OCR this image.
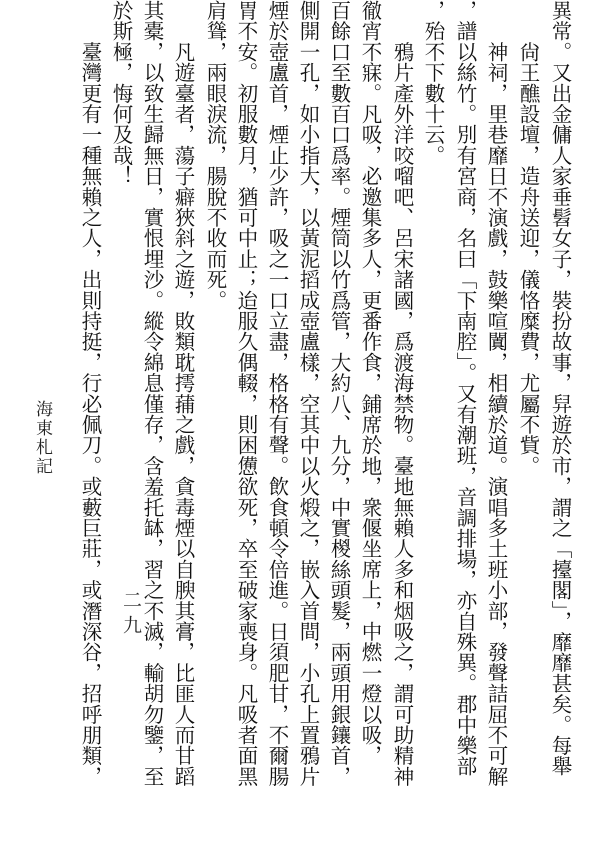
異常。又出金傭人家垂髫女子，裝扮故事，舁遊於市，謂之「擡閣」，靡靡甚矣。每舉
　　尙王醮設壇，造舟送迎，儀恪糜費，尤屬不貲。
　　神祠，里巷靡日不演戲，鼓樂喧闐，相續於道。演唱多土班小部，發聲詰屈不可解
，譜以絲竹。別有宮商，名曰「下南腔」。又有潮班，音調排場，亦自殊異。郡中樂部
，殆不下數十云。
　　鴉片產外洋咬𠺕吧、呂宋諸國，爲渡海禁物。臺地無賴人多和烟吸之，謂可助精神
徹宵不寐。凡吸，必邀集多人，更番作食，鋪席於地，衆偃坐席上，中燃一燈以吸，
百餘口至數百口爲率。煙筒以竹爲管，大約八、九分，中實椶絲頭髮，兩頭用銀鑲首，
側開一孔，如小指大，以黃泥搯成壺盧樣，空其中以火煅之，嵌入首間，小孔上置鴉片
煙於壺盧首，煙止少許，吸之一口立盡，格格有聲。飲食頓令倍進。日須肥甘，不爾腸
胃不安。初服數月，猶可中止；迨服久偶輟，則困憊欲死，卒至破家喪身。凡吸者面黑
肩聳，兩眼淚流，腸脫不收而死。
　　凡遊臺者，蕩子癖狹斜之遊，敗類耽摴蒱之戲，貪毒煙以自腴其膏，比匪人而甘蹈
其橐，以致生歸無日，實恨埋沙。縱令綿息僅存，含羞托缽，習之不滅，輸胡勿鑒，至
於斯極，悔何及哉！
　　臺灣更有一種無賴之人，出則持挺，行必佩刀。或藪巨莊，或潛深谷，招呼朋類， 二九
海東札記
